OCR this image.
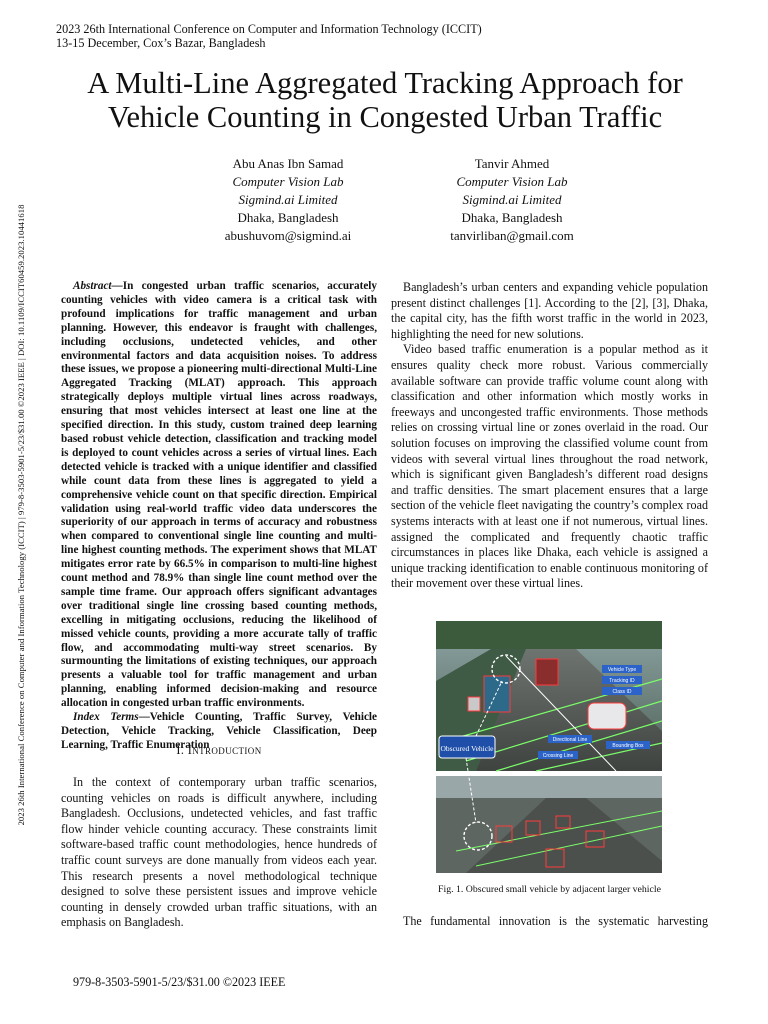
2023 26th International Conference on Computer and Information Technology (ICCIT)
13-15 December, Cox’s Bazar, Bangladesh
2023 26th International Conference on Computer and Information Technology (ICCIT) | 979-8-3503-5901-5/23/$31.00 ©2023 IEEE | DOI: 10.1109/ICCIT60459.2023.10441618
A Multi-Line Aggregated Tracking Approach for Vehicle Counting in Congested Urban Traffic
Abu Anas Ibn Samad
Computer Vision Lab
Sigmind.ai Limited
Dhaka, Bangladesh
abushuvom@sigmind.ai
Tanvir Ahmed
Computer Vision Lab
Sigmind.ai Limited
Dhaka, Bangladesh
tanvirliban@gmail.com

Abstract—In congested urban traffic scenarios, accurately counting vehicles with video camera is a critical task with profound implications for traffic management and urban planning. However, this endeavor is fraught with challenges, including occlusions, undetected vehicles, and other environmental factors and data acquisition noises. To address these issues, we propose a pioneering multi-directional Multi-Line Aggregated Tracking (MLAT) approach. This approach strategically deploys multiple virtual lines across roadways, ensuring that most vehicles intersect at least one line at the specified direction. In this study, custom trained deep learning based robust vehicle detection, classification and tracking model is deployed to count vehicles across a series of virtual lines. Each detected vehicle is tracked with a unique identifier and classified while count data from these lines is aggregated to yield a comprehensive vehicle count on that specific direction. Empirical validation using real-world traffic video data underscores the superiority of our approach in terms of accuracy and robustness when compared to conventional single line counting and multi-line highest counting methods. The experiment shows that MLAT mitigates error rate by 66.5% in comparison to multi-line highest count method and 78.9% than single line count method over the sample time frame. Our approach offers significant advantages over traditional single line crossing based counting methods, excelling in mitigating occlusions, reducing the likelihood of missed vehicle counts, providing a more accurate tally of traffic flow, and accommodating multi-way street scenarios. By surmounting the limitations of existing techniques, our approach presents a valuable tool for traffic management and urban planning, enabling informed decision-making and resource allocation in congested urban traffic environments.

Index Terms—Vehicle Counting, Traffic Survey, Vehicle Detection, Vehicle Tracking, Vehicle Classification, Deep Learning, Traffic Enumeration

I. Introduction

In the context of contemporary urban traffic scenarios, counting vehicles on roads is difficult anywhere, including Bangladesh. Occlusions, undetected vehicles, and fast traffic flow hinder vehicle counting accuracy. These constraints limit software-based traffic count methodologies, hence hundreds of traffic count surveys are done manually from videos each year. This research presents a novel methodological technique designed to solve these persistent issues and improve vehicle counting in densely crowded urban traffic situations, with an emphasis on Bangladesh.

Bangladesh’s urban centers and expanding vehicle population present distinct challenges [1]. According to the [2], [3], Dhaka, the capital city, has the fifth worst traffic in the world in 2023, highlighting the need for new solutions.

Video based traffic enumeration is a popular method as it ensures quality check more robust. Various commercially available software can provide traffic volume count along with classification and other information which mostly works in freeways and uncongested traffic environments. Those methods relies on crossing virtual line or zones overlaid in the road. Our solution focuses on improving the classified volume count from videos with several virtual lines throughout the road network, which is significant given Bangladesh’s different road designs and traffic densities. The smart placement ensures that a large section of the vehicle fleet navigating the country’s complex road systems interacts with at least one if not numerous, virtual lines. assigned the complicated and frequently chaotic traffic circumstances in places like Dhaka, each vehicle is assigned a unique tracking identification to enable continuous monitoring of their movement over these virtual lines.

Vehicle Type
Tracking ID
Class ID
Directional Line
Bounding Box
Crossing Line
Obscured Vehicle
Fig. 1. Obscured small vehicle by adjacent larger vehicle

The fundamental innovation is the systematic harvesting

979-8-3503-5901-5/23/$31.00 ©2023 IEEE
